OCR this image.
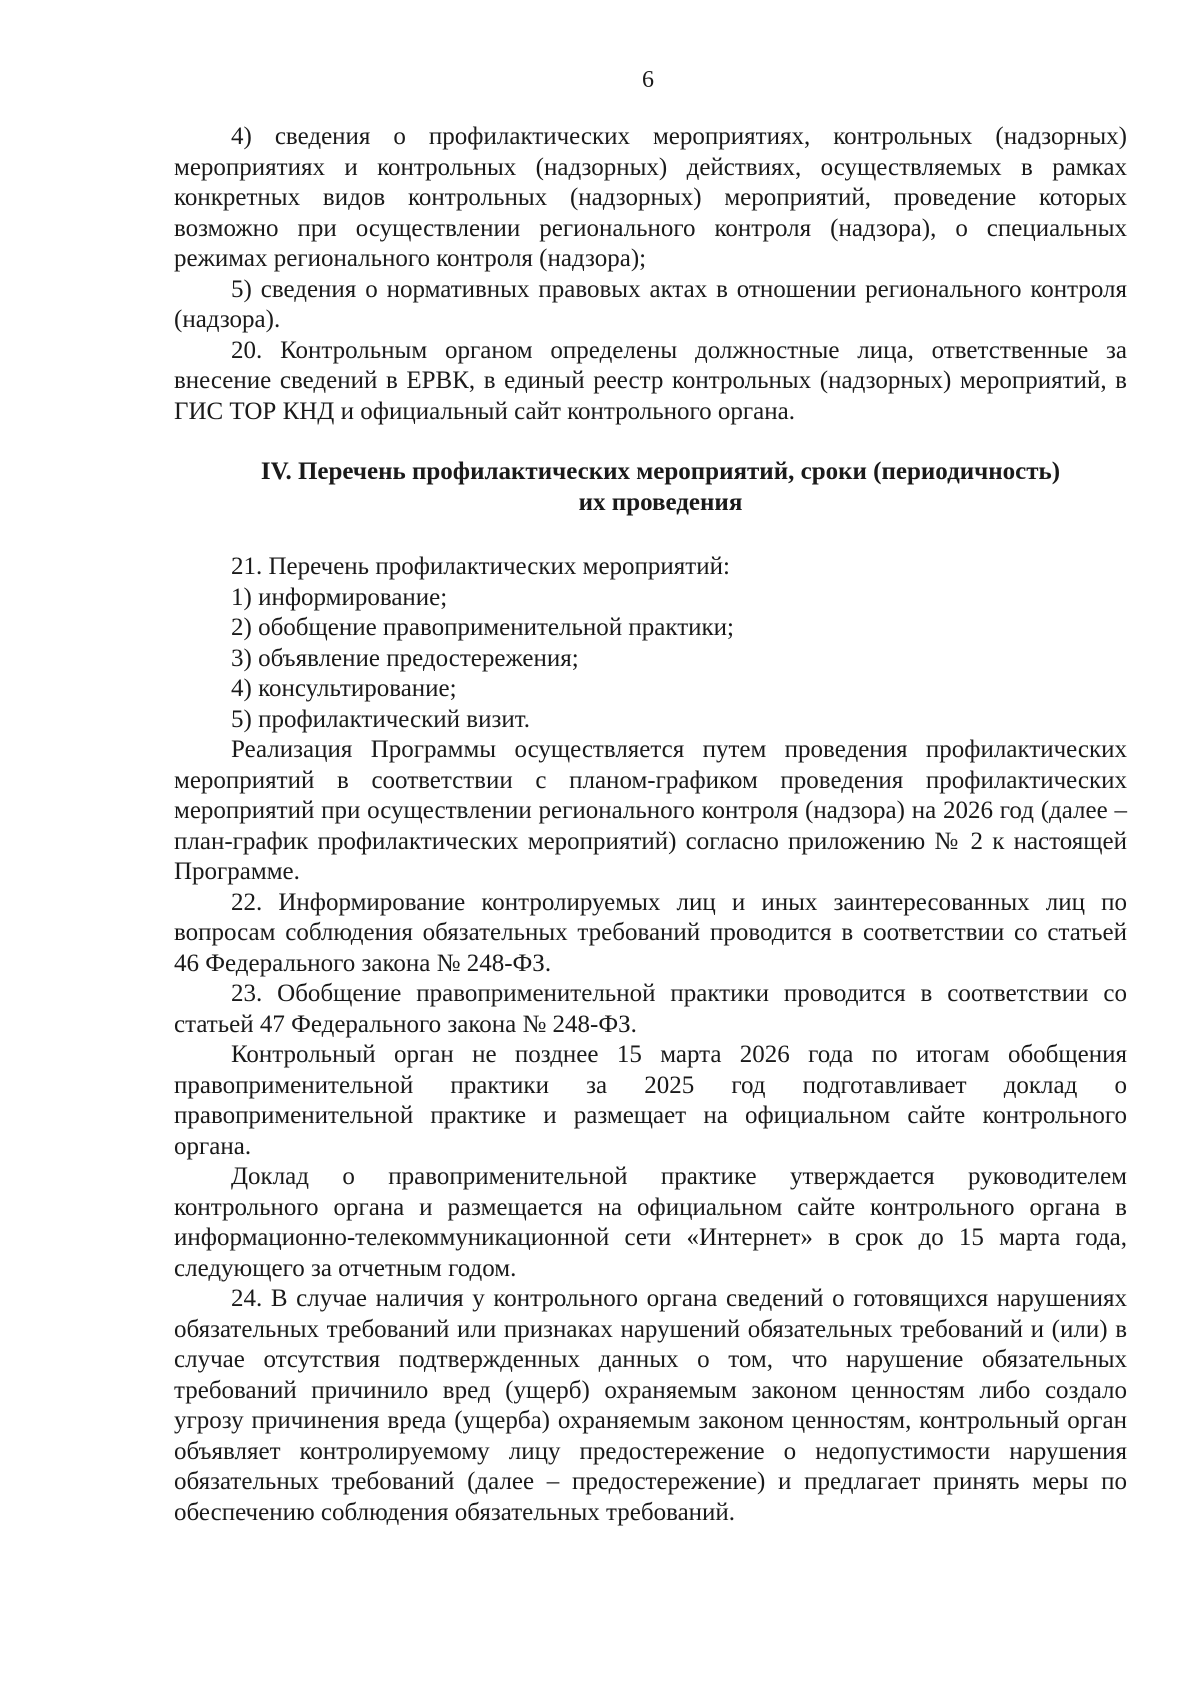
6

4) сведения о профилактических мероприятиях, контрольных (надзорных) мероприятиях и контрольных (надзорных) действиях, осуществляемых в рамках конкретных видов контрольных (надзорных) мероприятий, проведение которых возможно при осуществлении регионального контроля (надзора), о специальных режимах регионального контроля (надзора);

5) сведения о нормативных правовых актах в отношении регионального контроля (надзора).

20. Контрольным органом определены должностные лица, ответственные за внесение сведений в ЕРВК, в единый реестр контрольных (надзорных) мероприятий, в ГИС ТОР КНД и официальный сайт контрольного органа.

IV. Перечень профилактических мероприятий, сроки (периодичность)
их проведения

21. Перечень профилактических мероприятий:

1) информирование;

2) обобщение правоприменительной практики;

3) объявление предостережения;

4) консультирование;

5) профилактический визит.

Реализация Программы осуществляется путем проведения профилактических мероприятий в соответствии с планом-графиком проведения профилактических мероприятий при осуществлении регионального контроля (надзора) на 2026 год (далее – план-график профилактических мероприятий) согласно приложению № 2 к настоящей Программе.

22. Информирование контролируемых лиц и иных заинтересованных лиц по вопросам соблюдения обязательных требований проводится в соответствии со статьей 46 Федерального закона № 248-ФЗ.

23. Обобщение правоприменительной практики проводится в соответствии со статьей 47 Федерального закона № 248-ФЗ.

Контрольный орган не позднее 15 марта 2026 года по итогам обобщения правоприменительной практики за 2025 год подготавливает доклад о правоприменительной практике и размещает на официальном сайте контрольного органа.

Доклад о правоприменительной практике утверждается руководителем контрольного органа и размещается на официальном сайте контрольного органа в информационно-телекоммуникационной сети «Интернет» в срок до 15 марта года, следующего за отчетным годом.

24. В случае наличия у контрольного органа сведений о готовящихся нарушениях обязательных требований или признаках нарушений обязательных требований и (или) в случае отсутствия подтвержденных данных о том, что нарушение обязательных требований причинило вред (ущерб) охраняемым законом ценностям либо создало угрозу причинения вреда (ущерба) охраняемым законом ценностям, контрольный орган объявляет контролируемому лицу предостережение о недопустимости нарушения обязательных требований (далее – предостережение) и предлагает принять меры по обеспечению соблюдения обязательных требований.
